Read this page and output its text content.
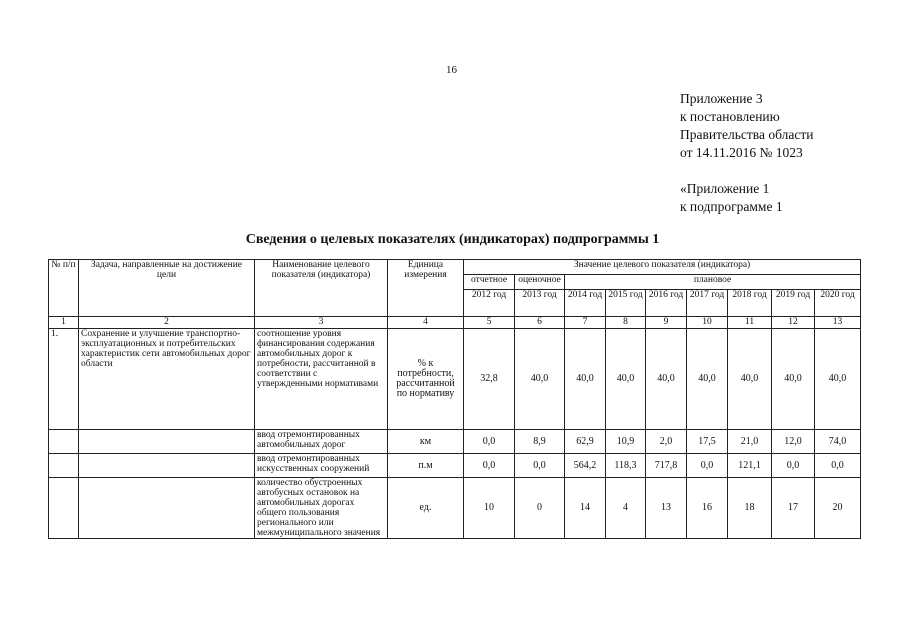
16
Приложение 3
к постановлению
Правительства области
от 14.11.2016 № 1023
«Приложение 1
к подпрограмме 1
Сведения о целевых показателях (индикаторах) подпрограммы 1
№ п/п	Задача, направленные на достижение цели	Наименование целевого показателя (индикатора)	Единица измерения	Значение целевого показателя (индикатора)								
				отчетное	оценочное	плановое						
				2012 год	2013 год	2014 год	2015 год	2016 год	2017 год	2018 год	2019 год	2020 год
1	2	3	4	5	6	7	8	9	10	11	12	13
1.	Сохранение и улучшение транспортно-эксплуатационных и потребительских характеристик сети автомобильных дорог области	соотношение уровня финансирования содержания автомобильных дорог к потребности, рассчитанной в соответствии с утвержденными нормативами	% к потребности, рассчитанной по нормативу	32,8	40,0	40,0	40,0	40,0	40,0	40,0	40,0	40,0
		ввод отремонтированных автомобильных дорог	км	0,0	8,9	62,9	10,9	2,0	17,5	21,0	12,0	74,0
		ввод отремонтированных искусственных сооружений	п.м	0,0	0,0	564,2	118,3	717,8	0,0	121,1	0,0	0,0
		количество обустроенных автобусных остановок на автомобильных дорогах общего пользования регионального или межмуниципального значения	ед.	10	0	14	4	13	16	18	17	20
